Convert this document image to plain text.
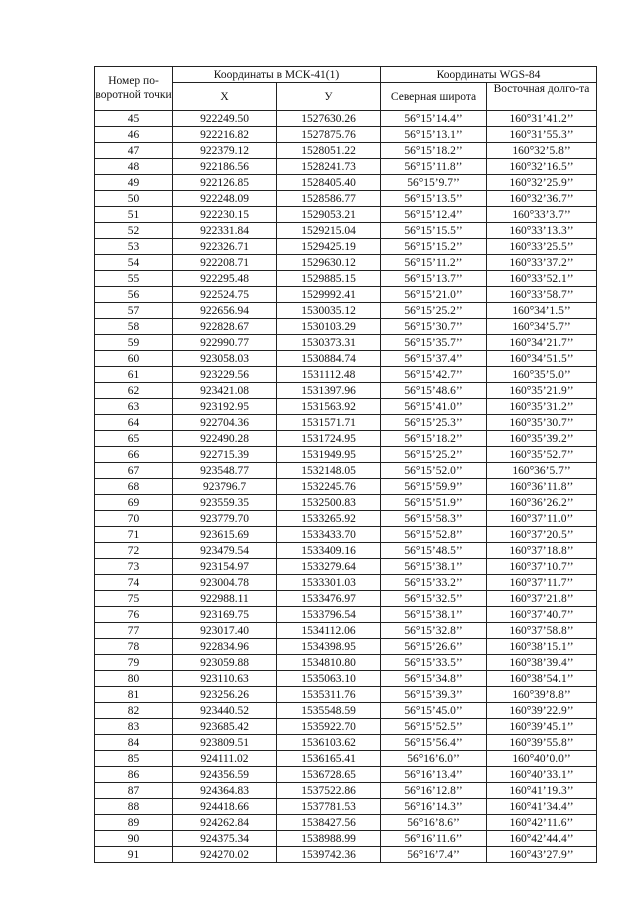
Номер по-воротной точки	Координаты в МСК-41(1)		Координаты WGS-84	
	Х	У	Северная широта	Восточная долго-та
45	922249.50	1527630.26	56°15’14.4’’	160°31’41.2’’
46	922216.82	1527875.76	56°15’13.1’’	160°31’55.3’’
47	922379.12	1528051.22	56°15’18.2’’	160°32’5.8’’
48	922186.56	1528241.73	56°15’11.8’’	160°32’16.5’’
49	922126.85	1528405.40	56°15’9.7’’	160°32’25.9’’
50	922248.09	1528586.77	56°15’13.5’’	160°32’36.7’’
51	922230.15	1529053.21	56°15’12.4’’	160°33’3.7’’
52	922331.84	1529215.04	56°15’15.5’’	160°33’13.3’’
53	922326.71	1529425.19	56°15’15.2’’	160°33’25.5’’
54	922208.71	1529630.12	56°15’11.2’’	160°33’37.2’’
55	922295.48	1529885.15	56°15’13.7’’	160°33’52.1’’
56	922524.75	1529992.41	56°15’21.0’’	160°33’58.7’’
57	922656.94	1530035.12	56°15’25.2’’	160°34’1.5’’
58	922828.67	1530103.29	56°15’30.7’’	160°34’5.7’’
59	922990.77	1530373.31	56°15’35.7’’	160°34’21.7’’
60	923058.03	1530884.74	56°15’37.4’’	160°34’51.5’’
61	923229.56	1531112.48	56°15’42.7’’	160°35’5.0’’
62	923421.08	1531397.96	56°15’48.6’’	160°35’21.9’’
63	923192.95	1531563.92	56°15’41.0’’	160°35’31.2’’
64	922704.36	1531571.71	56°15’25.3’’	160°35’30.7’’
65	922490.28	1531724.95	56°15’18.2’’	160°35’39.2’’
66	922715.39	1531949.95	56°15’25.2’’	160°35’52.7’’
67	923548.77	1532148.05	56°15’52.0’’	160°36’5.7’’
68	923796.7	1532245.76	56°15’59.9’’	160°36’11.8’’
69	923559.35	1532500.83	56°15’51.9’’	160°36’26.2’’
70	923779.70	1533265.92	56°15’58.3’’	160°37’11.0’’
71	923615.69	1533433.70	56°15’52.8’’	160°37’20.5’’
72	923479.54	1533409.16	56°15’48.5’’	160°37’18.8’’
73	923154.97	1533279.64	56°15’38.1’’	160°37’10.7’’
74	923004.78	1533301.03	56°15’33.2’’	160°37’11.7’’
75	922988.11	1533476.97	56°15’32.5’’	160°37’21.8’’
76	923169.75	1533796.54	56°15’38.1’’	160°37’40.7’’
77	923017.40	1534112.06	56°15’32.8’’	160°37’58.8’’
78	922834.96	1534398.95	56°15’26.6’’	160°38’15.1’’
79	923059.88	1534810.80	56°15’33.5’’	160°38’39.4’’
80	923110.63	1535063.10	56°15’34.8’’	160°38’54.1’’
81	923256.26	1535311.76	56°15’39.3’’	160°39’8.8’’
82	923440.52	1535548.59	56°15’45.0’’	160°39’22.9’’
83	923685.42	1535922.70	56°15’52.5’’	160°39’45.1’’
84	923809.51	1536103.62	56°15’56.4’’	160°39’55.8’’
85	924111.02	1536165.41	56°16’6.0’’	160°40’0.0’’
86	924356.59	1536728.65	56°16’13.4’’	160°40’33.1’’
87	924364.83	1537522.86	56°16’12.8’’	160°41’19.3’’
88	924418.66	1537781.53	56°16’14.3’’	160°41’34.4’’
89	924262.84	1538427.56	56°16’8.6’’	160°42’11.6’’
90	924375.34	1538988.99	56°16’11.6’’	160°42’44.4’’
91	924270.02	1539742.36	56°16’7.4’’	160°43’27.9’’
